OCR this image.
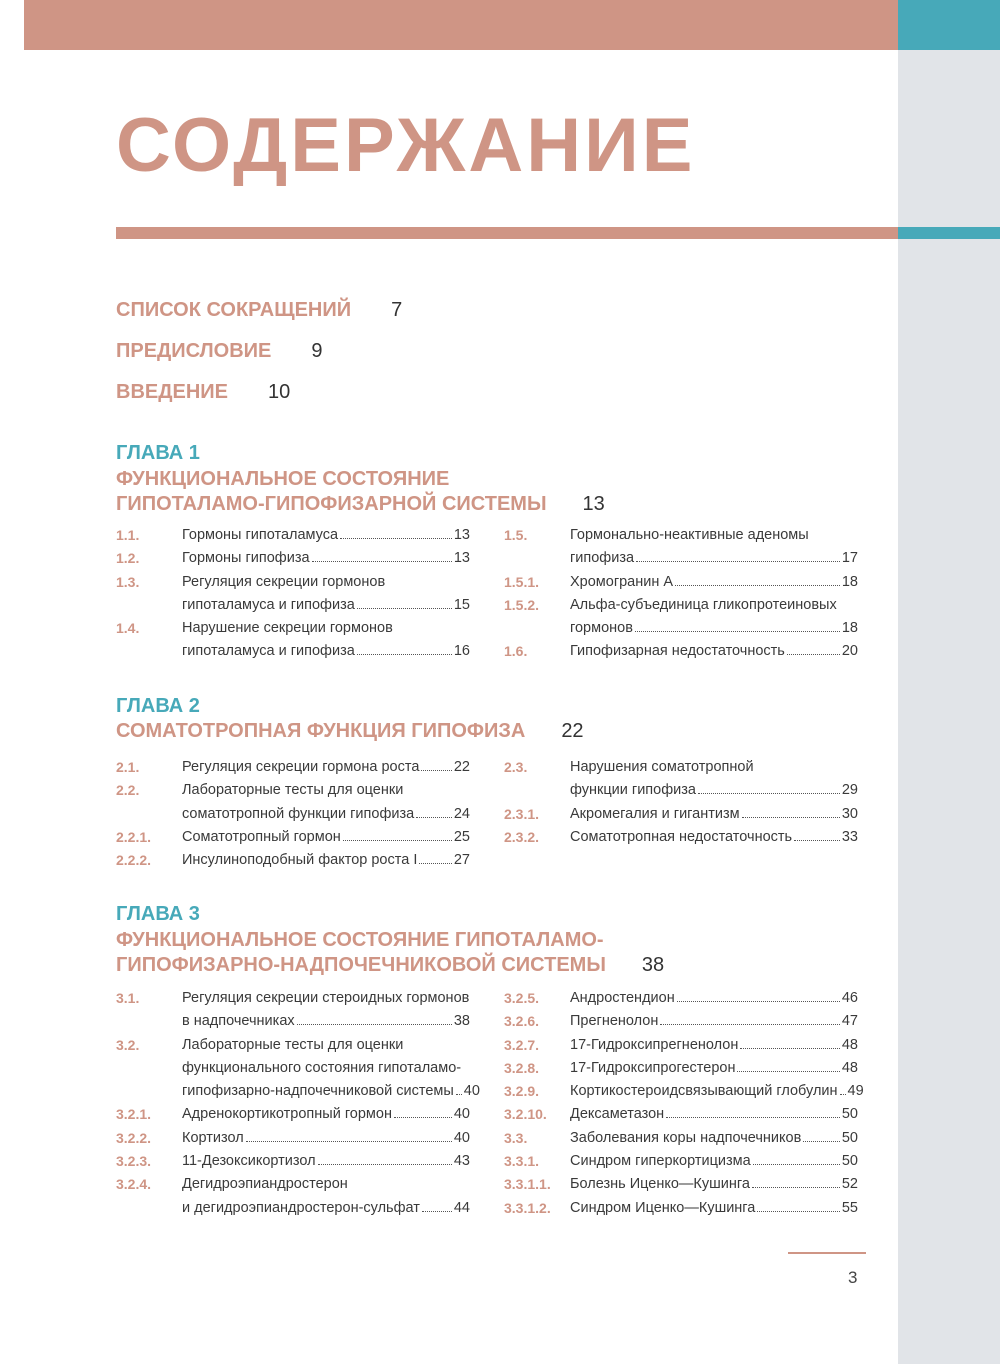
СОДЕРЖАНИЕ
СПИСОК СОКРАЩЕНИЙ 7
ПРЕДИСЛОВИЕ 9
ВВЕДЕНИЕ 10
ГЛАВА 1
ФУНКЦИОНАЛЬНОЕ СОСТОЯНИЕ
ГИПОТАЛАМО-ГИПОФИЗАРНОЙ СИСТЕМЫ 13
1.1.	Гормоны гипоталамуса	13
1.2.	Гормоны гипофиза	13
1.3.	Регуляция секреции гормонов
гипоталамуса и гипофиза	15
1.4.	Нарушение секреции гормонов
гипоталамуса и гипофиза	16
1.5.	Гормонально-неактивные аденомы
гипофиза	17
1.5.1.	Хромогранин А	18
1.5.2.	Альфа-субъединица гликопротеиновых
гормонов	18
1.6.	Гипофизарная недостаточность	20
ГЛАВА 2
СОМАТОТРОПНАЯ ФУНКЦИЯ ГИПОФИЗА 22
2.1.	Регуляция секреции гормона роста 22
2.2.	Лабораторные тесты для оценки
соматотропной функции гипофиза	24
2.2.1.	Соматотропный гормон	25
2.2.2.	Инсулиноподобный фактор роста I	27
2.3.	Нарушения соматотропной
функции гипофиза	29
2.3.1.	Акромегалия и гигантизм	30
2.3.2.	Соматотропная недостаточность	33
ГЛАВА 3
ФУНКЦИОНАЛЬНОЕ СОСТОЯНИЕ ГИПОТАЛАМО-
ГИПОФИЗАРНО-НАДПОЧЕЧНИКОВОЙ СИСТЕМЫ 38
3.1.	Регуляция секреции стероидных гормонов
в надпочечниках	38
3.2.	Лабораторные тесты для оценки
функционального состояния гипоталамо-
гипофизарно-надпочечниковой системы 40
3.2.1.	Адренокортикотропный гормон	40
3.2.2.	Кортизол	40
3.2.3.	11-Дезоксикортизол	43
3.2.4.	Дегидроэпиандростерон
и дегидроэпиандростерон-сульфат 44
3.2.5.	Андростендион	46
3.2.6.	Прегненолон	47
3.2.7.	17-Гидроксипрегненолон	48
3.2.8.	17-Гидроксипрогестерон	48
3.2.9.	Кортикостероидсвязывающий глобулин 49
3.2.10.	Дексаметазон	50
3.3.	Заболевания коры надпочечников	50
3.3.1.	Синдром гиперкортицизма	50
3.3.1.1.	Болезнь Иценко—Кушинга	52
3.3.1.2.	Синдром Иценко—Кушинга	55
3
